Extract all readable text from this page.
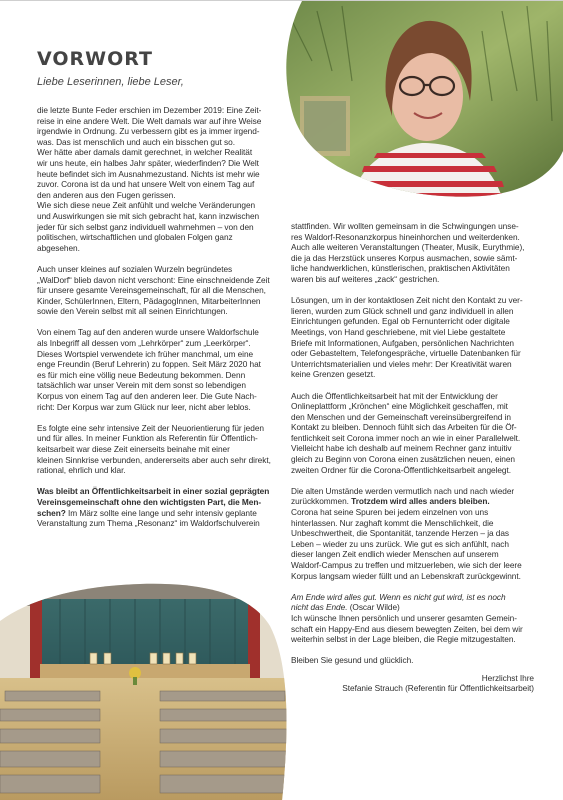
VORWORT
Liebe Leserinnen, liebe Leser,

die letzte Bunte Feder erschien im Dezember 2019: Eine Zeit-
reise in eine andere Welt. Die Welt damals war auf ihre Weise
irgendwie in Ordnung. Zu verbessern gibt es ja immer irgend-
was. Das ist menschlich und auch ein bisschen gut so.
Wer hätte aber damals damit gerechnet, in welcher Realität
wir uns heute, ein halbes Jahr später, wiederfinden? Die Welt
heute befindet sich im Ausnahmezustand. Nichts ist mehr wie
zuvor. Corona ist da und hat unsere Welt von einem Tag auf
den anderen aus den Fugen gerissen.
Wie sich diese neue Zeit anfühlt und welche Veränderungen
und Auswirkungen sie mit sich gebracht hat, kann inzwischen
jeder für sich selbst ganz individuell wahrnehmen – von den
politischen, wirtschaftlichen und globalen Folgen ganz
abgesehen.

Auch unser kleines auf sozialen Wurzeln begründetes
„WalDorf“ blieb davon nicht verschont: Eine einschneidende Zeit
für unsere gesamte Vereinsgemeinschaft, für all die Menschen,
Kinder, SchülerInnen, Eltern, PädagogInnen, MitarbeiterInnen
sowie den Verein selbst mit all seinen Einrichtungen.

Von einem Tag auf den anderen wurde unsere Waldorfschule
als Inbegriff all dessen vom „Lehrkörper“ zum „Leerkörper“.
Dieses Wortspiel verwendete ich früher manchmal, um eine
enge Freundin (Beruf Lehrerin) zu foppen. Seit März 2020 hat
es für mich eine völlig neue Bedeutung bekommen. Denn
tatsächlich war unser Verein mit dem sonst so lebendigen
Korpus von einem Tag auf den anderen leer. Die Gute Nach-
richt: Der Korpus war zum Glück nur leer, nicht aber leblos.

Es folgte eine sehr intensive Zeit der Neuorientierung für jeden
und für alles. In meiner Funktion als Referentin für Öffentlich-
keitsarbeit war diese Zeit einerseits beinahe mit einer
kleinen Sinnkrise verbunden, andererseits aber auch sehr direkt,
rational, ehrlich und klar.

Was bleibt an Öffentlichkeitsarbeit in einer sozial geprägten
Vereinsgemeinschaft ohne den wichtigsten Part, die Men-
schen? Im März sollte eine lange und sehr intensiv geplante
Veranstaltung zum Thema „Resonanz“ im Waldorfschulverein

stattfinden. Wir wollten gemeinsam in die Schwingungen unse-
res Waldorf-Resonanzkorpus hineinhorchen und weiterdenken.
Auch alle weiteren Veranstaltungen (Theater, Musik, Eurythmie),
die ja das Herzstück unseres Korpus ausmachen, sowie sämt-
liche handwerklichen, künstlerischen, praktischen Aktivitäten
waren bis auf weiteres „zack“ gestrichen.

Lösungen, um in der kontaktlosen Zeit nicht den Kontakt zu ver-
lieren, wurden zum Glück schnell und ganz individuell in allen
Einrichtungen gefunden. Egal ob Fernunterricht oder digitale
Meetings, von Hand geschriebene, mit viel Liebe gestaltete
Briefe mit Informationen, Aufgaben, persönlichen Nachrichten
oder Gebasteltem, Telefongespräche, virtuelle Datenbanken für
Unterrichtsmaterialien und vieles mehr: Der Kreativität waren
keine Grenzen gesetzt.

Auch die Öffentlichkeitsarbeit hat mit der Entwicklung der
Onlineplattform „Krönchen“ eine Möglichkeit geschaffen, mit
den Menschen und der Gemeinschaft vereinsübergreifend in
Kontakt zu bleiben. Dennoch fühlt sich das Arbeiten für die Öf-
fentlichkeit seit Corona immer noch an wie in einer Parallelwelt.
Vielleicht habe ich deshalb auf meinem Rechner ganz intuitiv
gleich zu Beginn von Corona einen zusätzlichen neuen, einen
zweiten Ordner für die Corona-Öffentlichkeitsarbeit angelegt.

Die alten Umstände werden vermutlich nach und nach wieder
zurückkommen. Trotzdem wird alles anders bleiben.
Corona hat seine Spuren bei jedem einzelnen von uns
hinterlassen. Nur zaghaft kommt die Menschlichkeit, die
Unbeschwertheit, die Spontanität, tanzende Herzen – ja das
Leben – wieder zu uns zurück. Wie gut es sich anfühlt, nach
dieser langen Zeit endlich wieder Menschen auf unserem
Waldorf-Campus zu treffen und mitzuerleben, wie sich der leere
Korpus langsam wieder füllt und an Lebenskraft zurückgewinnt.

Am Ende wird alles gut. Wenn es nicht gut wird, ist es noch
nicht das Ende. (Oscar Wilde)
Ich wünsche Ihnen persönlich und unserer gesamten Gemein-
schaft ein Happy-End aus diesem bewegten Zeiten, bei dem wir
weiterhin selbst in der Lage bleiben, die Regie mitzugestalten.

Bleiben Sie gesund und glücklich.

Herzlichst Ihre
Stefanie Strauch (Referentin für Öffentlichkeitsarbeit)
